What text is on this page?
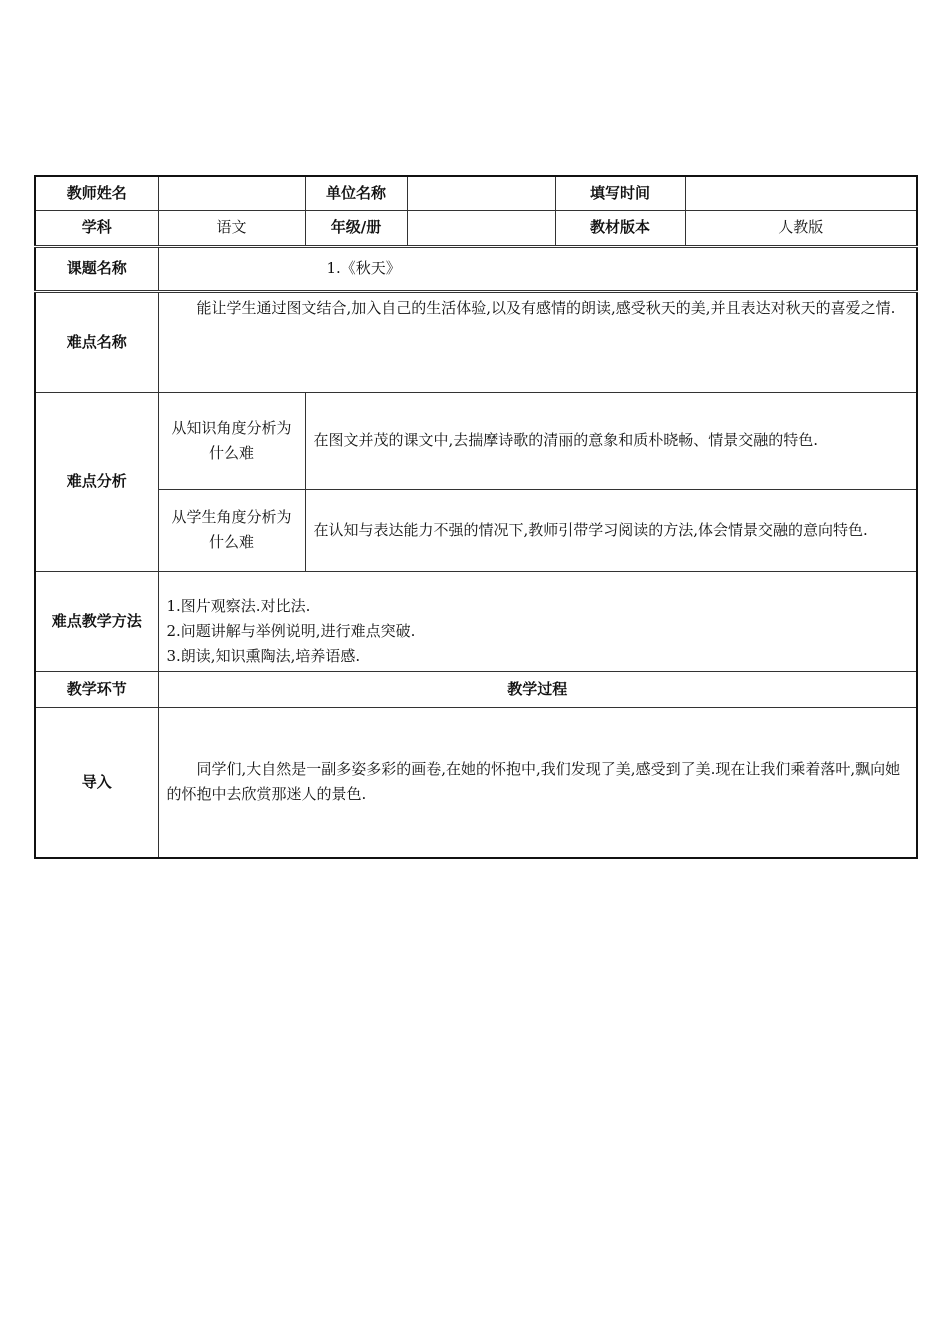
教师姓名		单位名称		填写时间	
学科	语文	年级/册		教材版本	人教版
课题名称	1.《秋天》				
难点名称	能让学生通过图文结合,加入自己的生活体验,以及有感情的朗读,感受秋天的美,并且表达对秋天的喜爱之情.				
难点分析	从知识角度分析为什么难	在图文并茂的课文中,去揣摩诗歌的清丽的意象和质朴晓畅、情景交融的特色.			
	从学生角度分析为什么难	在认知与表达能力不强的情况下,教师引带学习阅读的方法,体会情景交融的意向特色.			
难点教学方法	1.图片观察法.对比法.
2.问题讲解与举例说明,进行难点突破.
3.朗读,知识熏陶法,培养语感.				

教学环节	教学过程				
导入	同学们,大自然是一副多姿多彩的画卷,在她的怀抱中,我们发现了美,感受到了美.现在让我们乘着落叶,飘向她的怀抱中去欣赏那迷人的景色.				
